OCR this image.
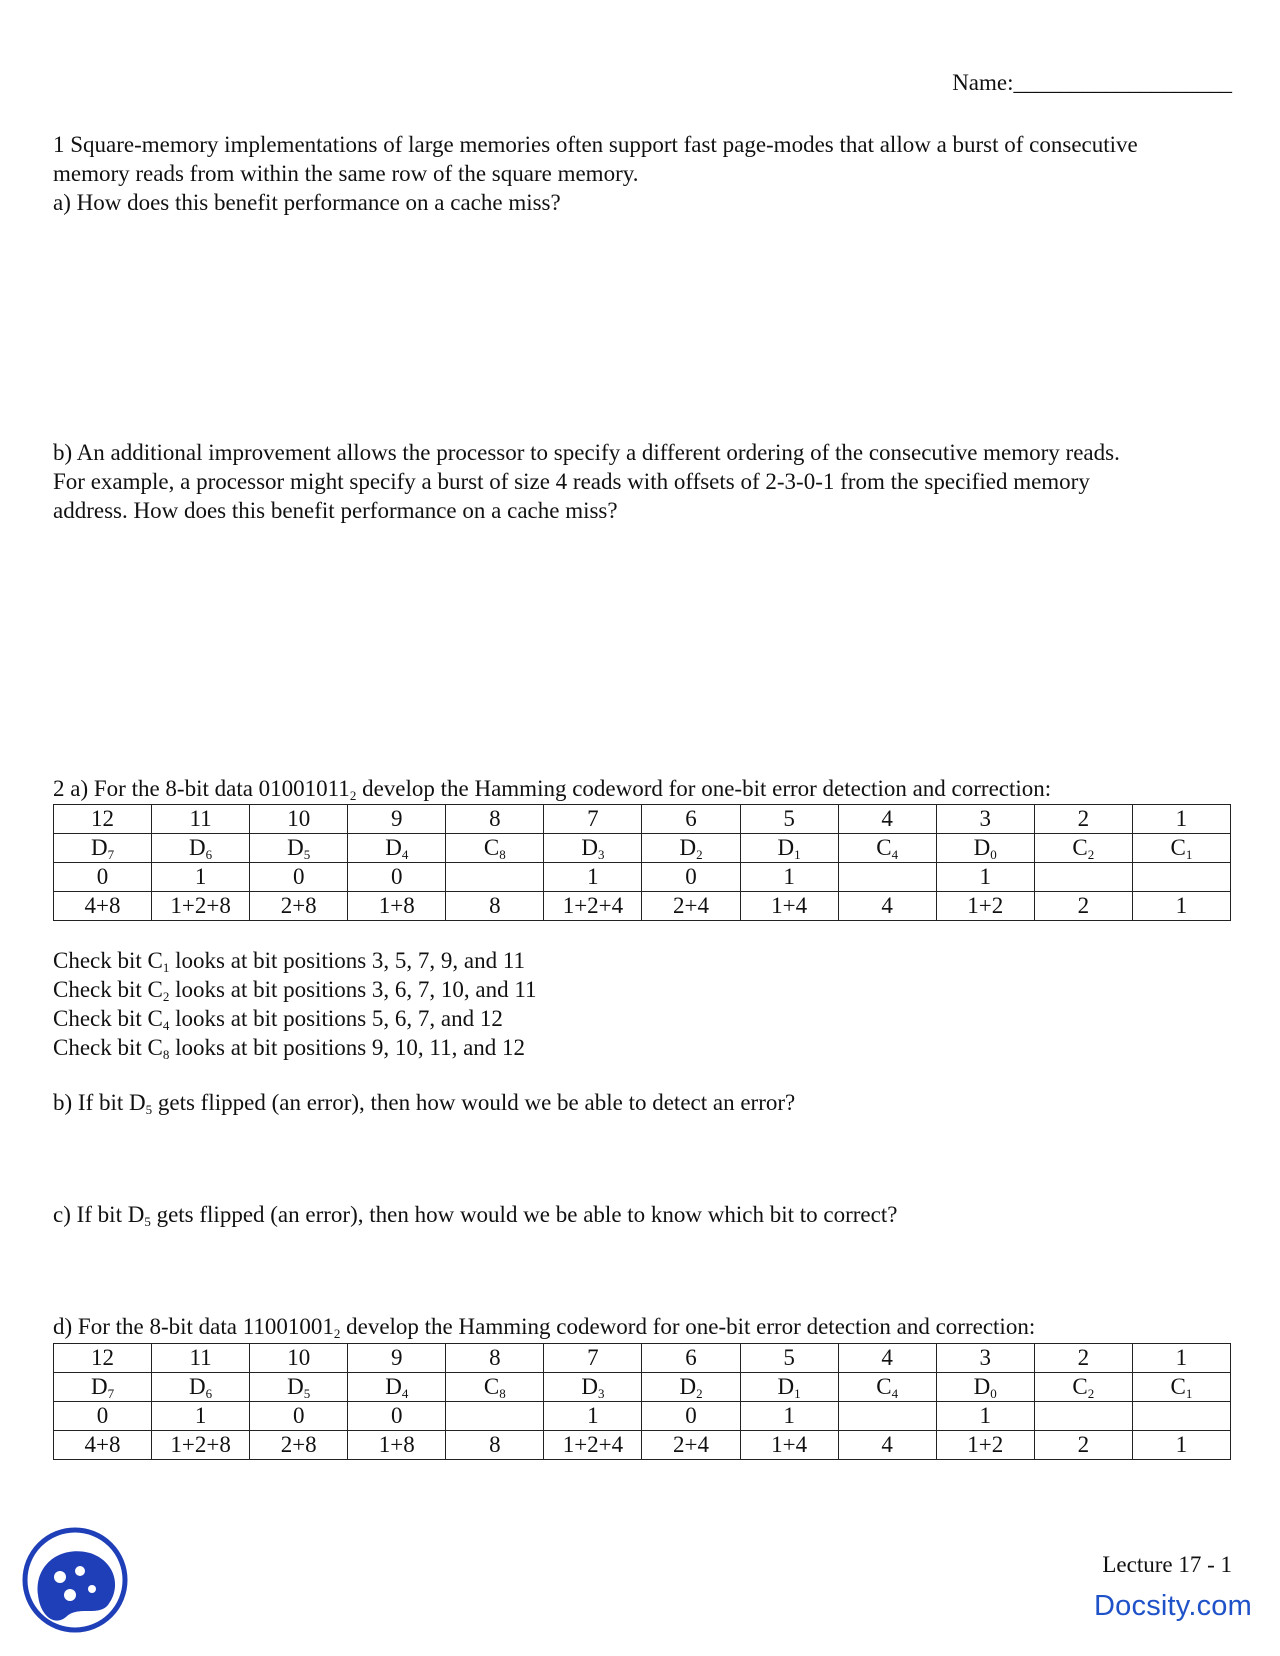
Name:___________________

1 Square-memory implementations of large memories often support fast page-modes that allow a burst of consecutive

memory reads from within the same row of the square memory.

a) How does this benefit performance on a cache miss?

b) An additional improvement allows the processor to specify a different ordering of the consecutive memory reads.

For example, a processor might specify a burst of size 4 reads with offsets of 2-3-0-1 from the specified memory

address. How does this benefit performance on a cache miss?

2 a) For the 8-bit data $01001011_2$ develop the Hamming codeword for one-bit error detection and correction:

12	11	10	9	8	7	6	5	4	3	2	1
$D_7$	$D_6$	$D_5$	$D_4$	$C_8$	$D_3$	$D_2$	$D_1$	$C_4$	$D_0$	$C_2$	$C_1$
0	1	0	0		1	0	1		1		
4+8	1+2+8	2+8	1+8	8	1+2+4	2+4	1+4	4	1+2	2	1

Check bit $C_1$ looks at bit positions 3, 5, 7, 9, and 11

Check bit $C_2$ looks at bit positions 3, 6, 7, 10, and 11

Check bit $C_4$ looks at bit positions 5, 6, 7, and 12

Check bit $C_8$ looks at bit positions 9, 10, 11, and 12

b) If bit $D_5$ gets flipped (an error), then how would we be able to detect an error?

c) If bit $D_5$ gets flipped (an error), then how would we be able to know which bit to correct?

d) For the 8-bit data $11001001_2$ develop the Hamming codeword for one-bit error detection and correction:

12	11	10	9	8	7	6	5	4	3	2	1
$D_7$	$D_6$	$D_5$	$D_4$	$C_8$	$D_3$	$D_2$	$D_1$	$C_4$	$D_0$	$C_2$	$C_1$
0	1	0	0		1	0	1		1		
4+8	1+2+8	2+8	1+8	8	1+2+4	2+4	1+4	4	1+2	2	1
Lecture 17 - 1
Docsity.com
